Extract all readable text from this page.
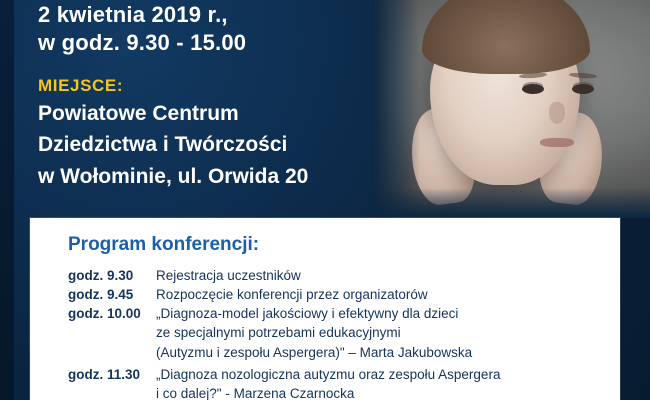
2 kwietnia 2019 r.,
w godz. 9.30 - 15.00
MIEJSCE:
Powiatowe Centrum
Dziedzictwa i Twórczości
w Wołominie, ul. Orwida 20
Program konferencji:
godz. 9.30	Rejestracja uczestników
godz. 9.45	Rozpoczęcie konferencji przez organizatorów
godz. 10.00	„Diagnoza-model jakościowy i efektywny dla dzieci
ze specjalnymi potrzebami edukacyjnymi
(Autyzmu i zespołu Aspergera)" – Marta Jakubowska
godz. 11.30	„Diagnoza nozologiczna autyzmu oraz zespołu Aspergera
i co dalej?" - Marzena Czarnocka
